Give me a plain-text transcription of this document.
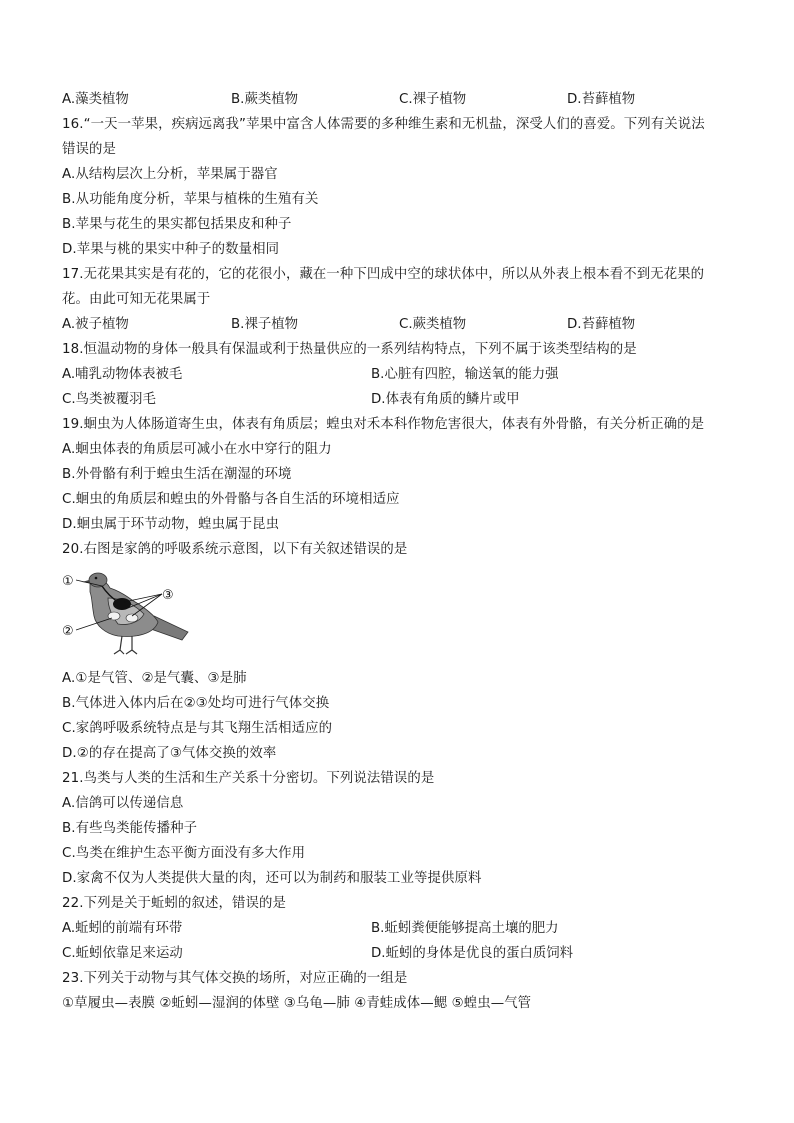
A.藻类植物	B.蕨类植物	C.裸子植物	D.苔藓植物
16.“一天一苹果，疾病远离我”苹果中富含人体需要的多种维生素和无机盐，深受人们的喜爱。下列有关说法
错误的是
A.从结构层次上分析，苹果属于器官
B.从功能角度分析，苹果与植株的生殖有关
B.苹果与花生的果实都包括果皮和种子
D.苹果与桃的果实中种子的数量相同
17.无花果其实是有花的，它的花很小，藏在一种下凹成中空的球状体中，所以从外表上根本看不到无花果的
花。由此可知无花果属于
A.被子植物	B.裸子植物	C.蕨类植物	D.苔藓植物
18.恒温动物的身体一般具有保温或利于热量供应的一系列结构特点，下列不属于该类型结构的是
A.哺乳动物体表被毛	B.心脏有四腔，输送氧的能力强
C.鸟类被覆羽毛	D.体表有角质的鳞片或甲
19.蛔虫为人体肠道寄生虫，体表有角质层；蝗虫对禾本科作物危害很大，体表有外骨骼，有关分析正确的是
A.蛔虫体表的角质层可减小在水中穿行的阻力
B.外骨骼有利于蝗虫生活在潮湿的环境
C.蛔虫的角质层和蝗虫的外骨骼与各自生活的环境相适应
D.蛔虫属于环节动物，蝗虫属于昆虫
20.右图是家鸽的呼吸系统示意图，以下有关叙述错误的是
①
②
③
A.①是气管、②是气囊、③是肺
B.气体进入体内后在②③处均可进行气体交换
C.家鸽呼吸系统特点是与其飞翔生活相适应的
D.②的存在提高了③气体交换的效率
21.鸟类与人类的生活和生产关系十分密切。下列说法错误的是
A.信鸽可以传递信息
B.有些鸟类能传播种子
C.鸟类在维护生态平衡方面没有多大作用
D.家禽不仅为人类提供大量的肉，还可以为制药和服装工业等提供原料
22.下列是关于蚯蚓的叙述，错误的是
A.蚯蚓的前端有环带	B.蚯蚓粪便能够提高土壤的肥力
C.蚯蚓依靠足来运动	D.蚯蚓的身体是优良的蛋白质饲料
23.下列关于动物与其气体交换的场所，对应正确的一组是
①草履虫—表膜 ②蚯蚓—湿润的体壁 ③乌龟—肺 ④青蛙成体—鳃 ⑤蝗虫—气管
